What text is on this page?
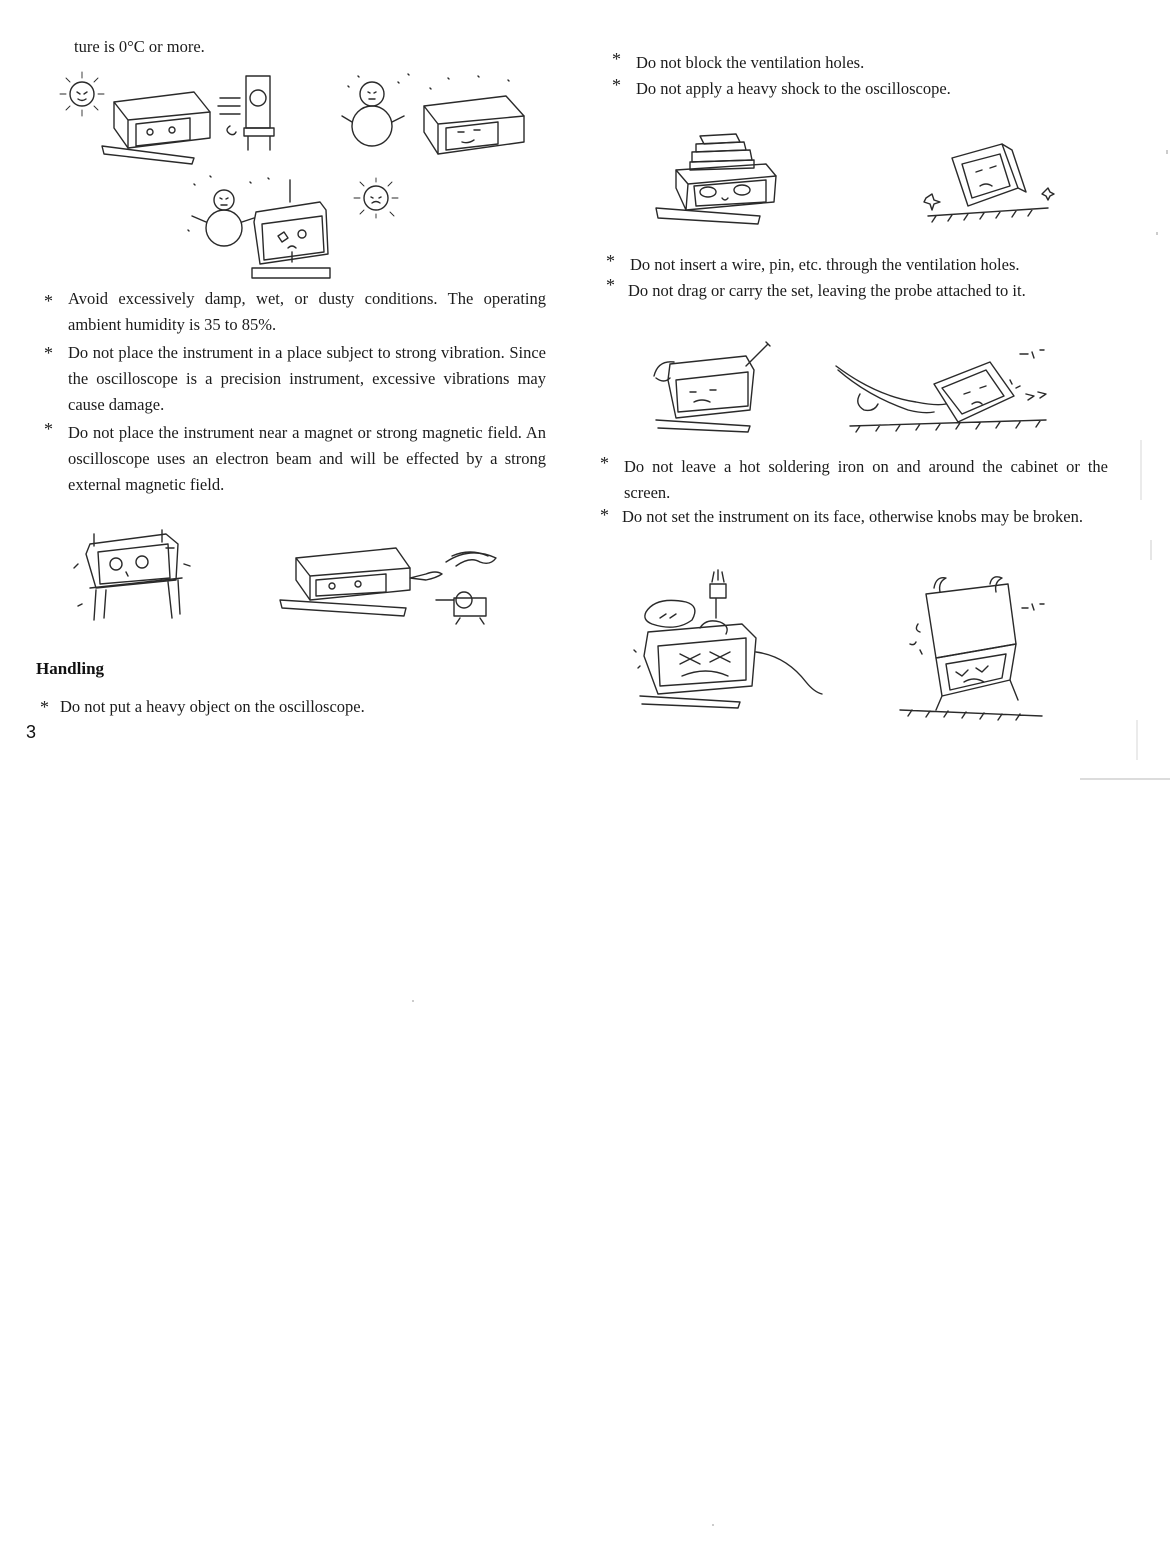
ture is 0°C or more.
* Avoid excessively damp, wet, or dusty conditions. The operating ambient humidity is 35 to 85%.
* Do not place the instrument in a place subject to strong vibration. Since the oscilloscope is a precision instrument, excessive vibrations may cause damage.
* Do not place the instrument near a magnet or strong magnetic field. An oscilloscope uses an electron beam and will be effected by a strong external magnetic field.
Handling
* Do not put a heavy object on the oscilloscope.
3
* Do not block the ventilation holes.
* Do not apply a heavy shock to the oscilloscope.
* Do not insert a wire, pin, etc. through the ventilation holes.
* Do not drag or carry the set, leaving the probe attached to it.
* Do not leave a hot soldering iron on and around the cabinet or the screen.
* Do not set the instrument on its face, otherwise knobs may be broken.
